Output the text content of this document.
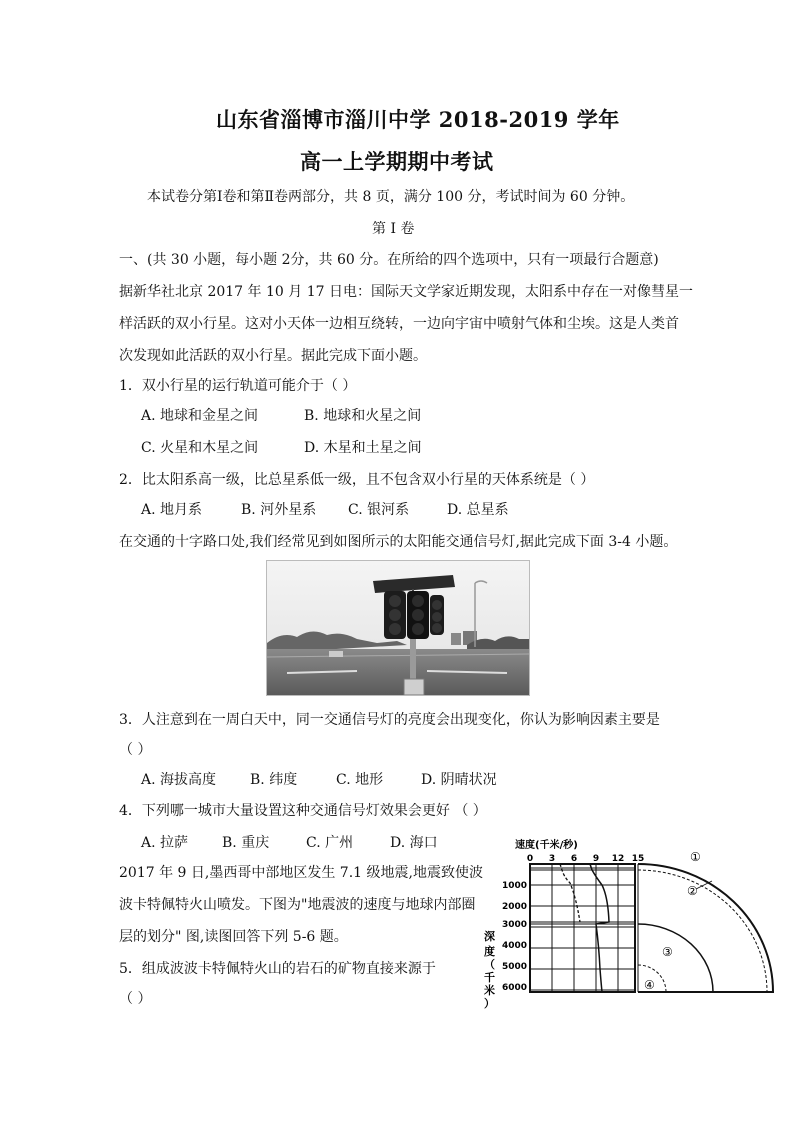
山东省淄博市淄川中学 2018-2019 学年
高一上学期期中考试
本试卷分第Ⅰ卷和第Ⅱ卷两部分，共 8 页，满分 100 分，考试时间为 60 分钟。
第 Ⅰ 卷
一、(共 30 小题，每小题 2分，共 60 分。在所给的四个选项中，只有一项最行合题意)
据新华社北京 2017 年 10 月 17 日电：国际天文学家近期发现，太阳系中存在一对像彗星一
样活跃的双小行星。这对小天体一边相互绕转，一边向宇宙中喷射气体和尘埃。这是人类首
次发现如此活跃的双小行星。据此完成下面小题。
1．双小行星的运行轨道可能介于（ ）
A. 地球和金星之间	B. 地球和火星之间
C. 火星和木星之间	D. 木星和土星之间
2．比太阳系高一级，比总星系低一级，且不包含双小行星的天体系统是（ ）
A. 地月系	B. 河外星系 C. 银河系	D. 总星系
在交通的十字路口处,我们经常见到如图所示的太阳能交通信号灯,据此完成下面 3-4 小题。
3．人注意到在一周白天中，同一交通信号灯的亮度会出现变化，你认为影响因素主要是
（ ）
A. 海拔高度 B. 纬度	C. 地形	D. 阴晴状况
4．下列哪一城市大量设置这种交通信号灯效果会更好 （ ）
A. 拉萨 B. 重庆	C. 广州	D. 海口
2017 年 9 日,墨西哥中部地区发生 7.1 级地震,地震致使波
波卡特佩特火山喷发。下图为"地震波的速度与地球内部圈
层的划分" 图,读图回答下列 5-6 题。
5．组成波波卡特佩特火山的岩石的矿物直接来源于
（ ）
速度(千米/秒)
0 3 6 9 12 15
1000
2000
3000
4000
5000
6000
深
度
（
千
米
）
①
②
③
④
